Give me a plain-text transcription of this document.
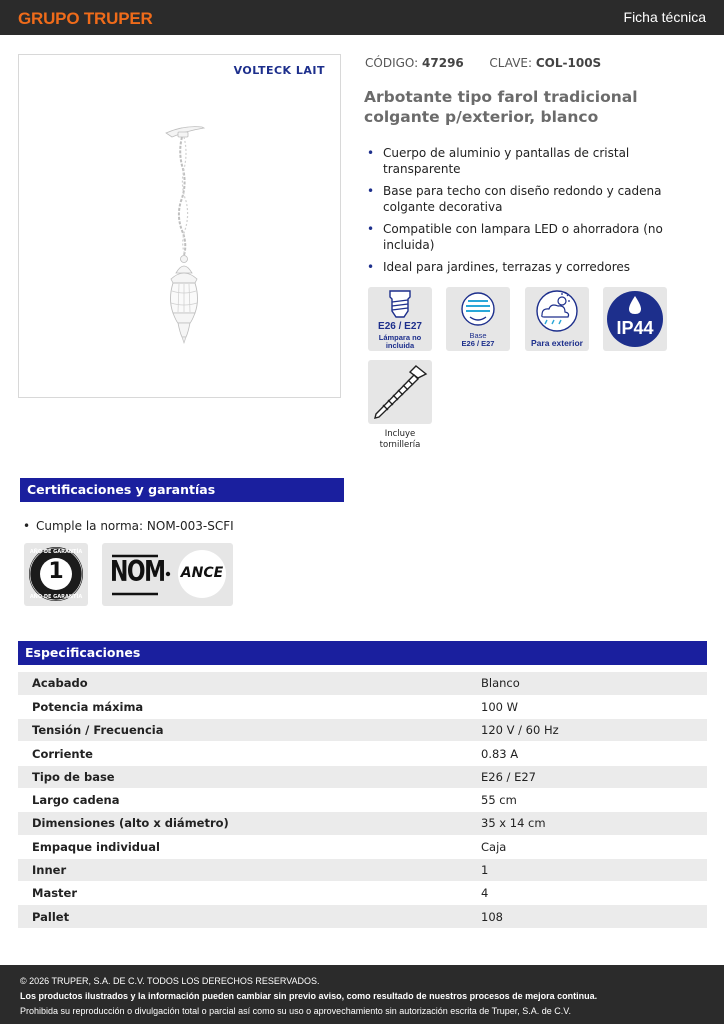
GRUPO TRUPER	Ficha técnica
VOLTECK LAIT
CÓDIGO: 47296 CLAVE: COL-100S
Arbotante tipo farol tradicional colgante p/exterior, blanco
• Cuerpo de aluminio y pantallas de cristal transparente
• Base para techo con diseño redondo y cadena colgante decorativa
• Compatible con lampara LED o ahorradora (no incluida)
• Ideal para jardines, terrazas y corredores
E26 / E27
Lámpara no
incluida
Base
E26 / E27	Para exterior
IP44
Incluye
tornillería
Certificaciones y garantías
• Cumple la norma: NOM-003-SCFI
1
AÑO DE GARANTÍA
AÑO DE GARANTÍA
NOM	ANCE
Especificaciones
Acabado	Blanco
Potencia máxima	100 W
Tensión / Frecuencia	120 V / 60 Hz
Corriente	0.83 A
Tipo de base	E26 / E27
Largo cadena	55 cm
Dimensiones (alto x diámetro)	35 x 14 cm
Empaque individual	Caja
Inner	1
Master	4
Pallet	108
© 2026 TRUPER, S.A. DE C.V. TODOS LOS DERECHOS RESERVADOS.
Los productos ilustrados y la información pueden cambiar sin previo aviso, como resultado de nuestros procesos de mejora continua.
Prohibida su reproducción o divulgación total o parcial así como su uso o aprovechamiento sin autorización escrita de Truper, S.A. de C.V.
